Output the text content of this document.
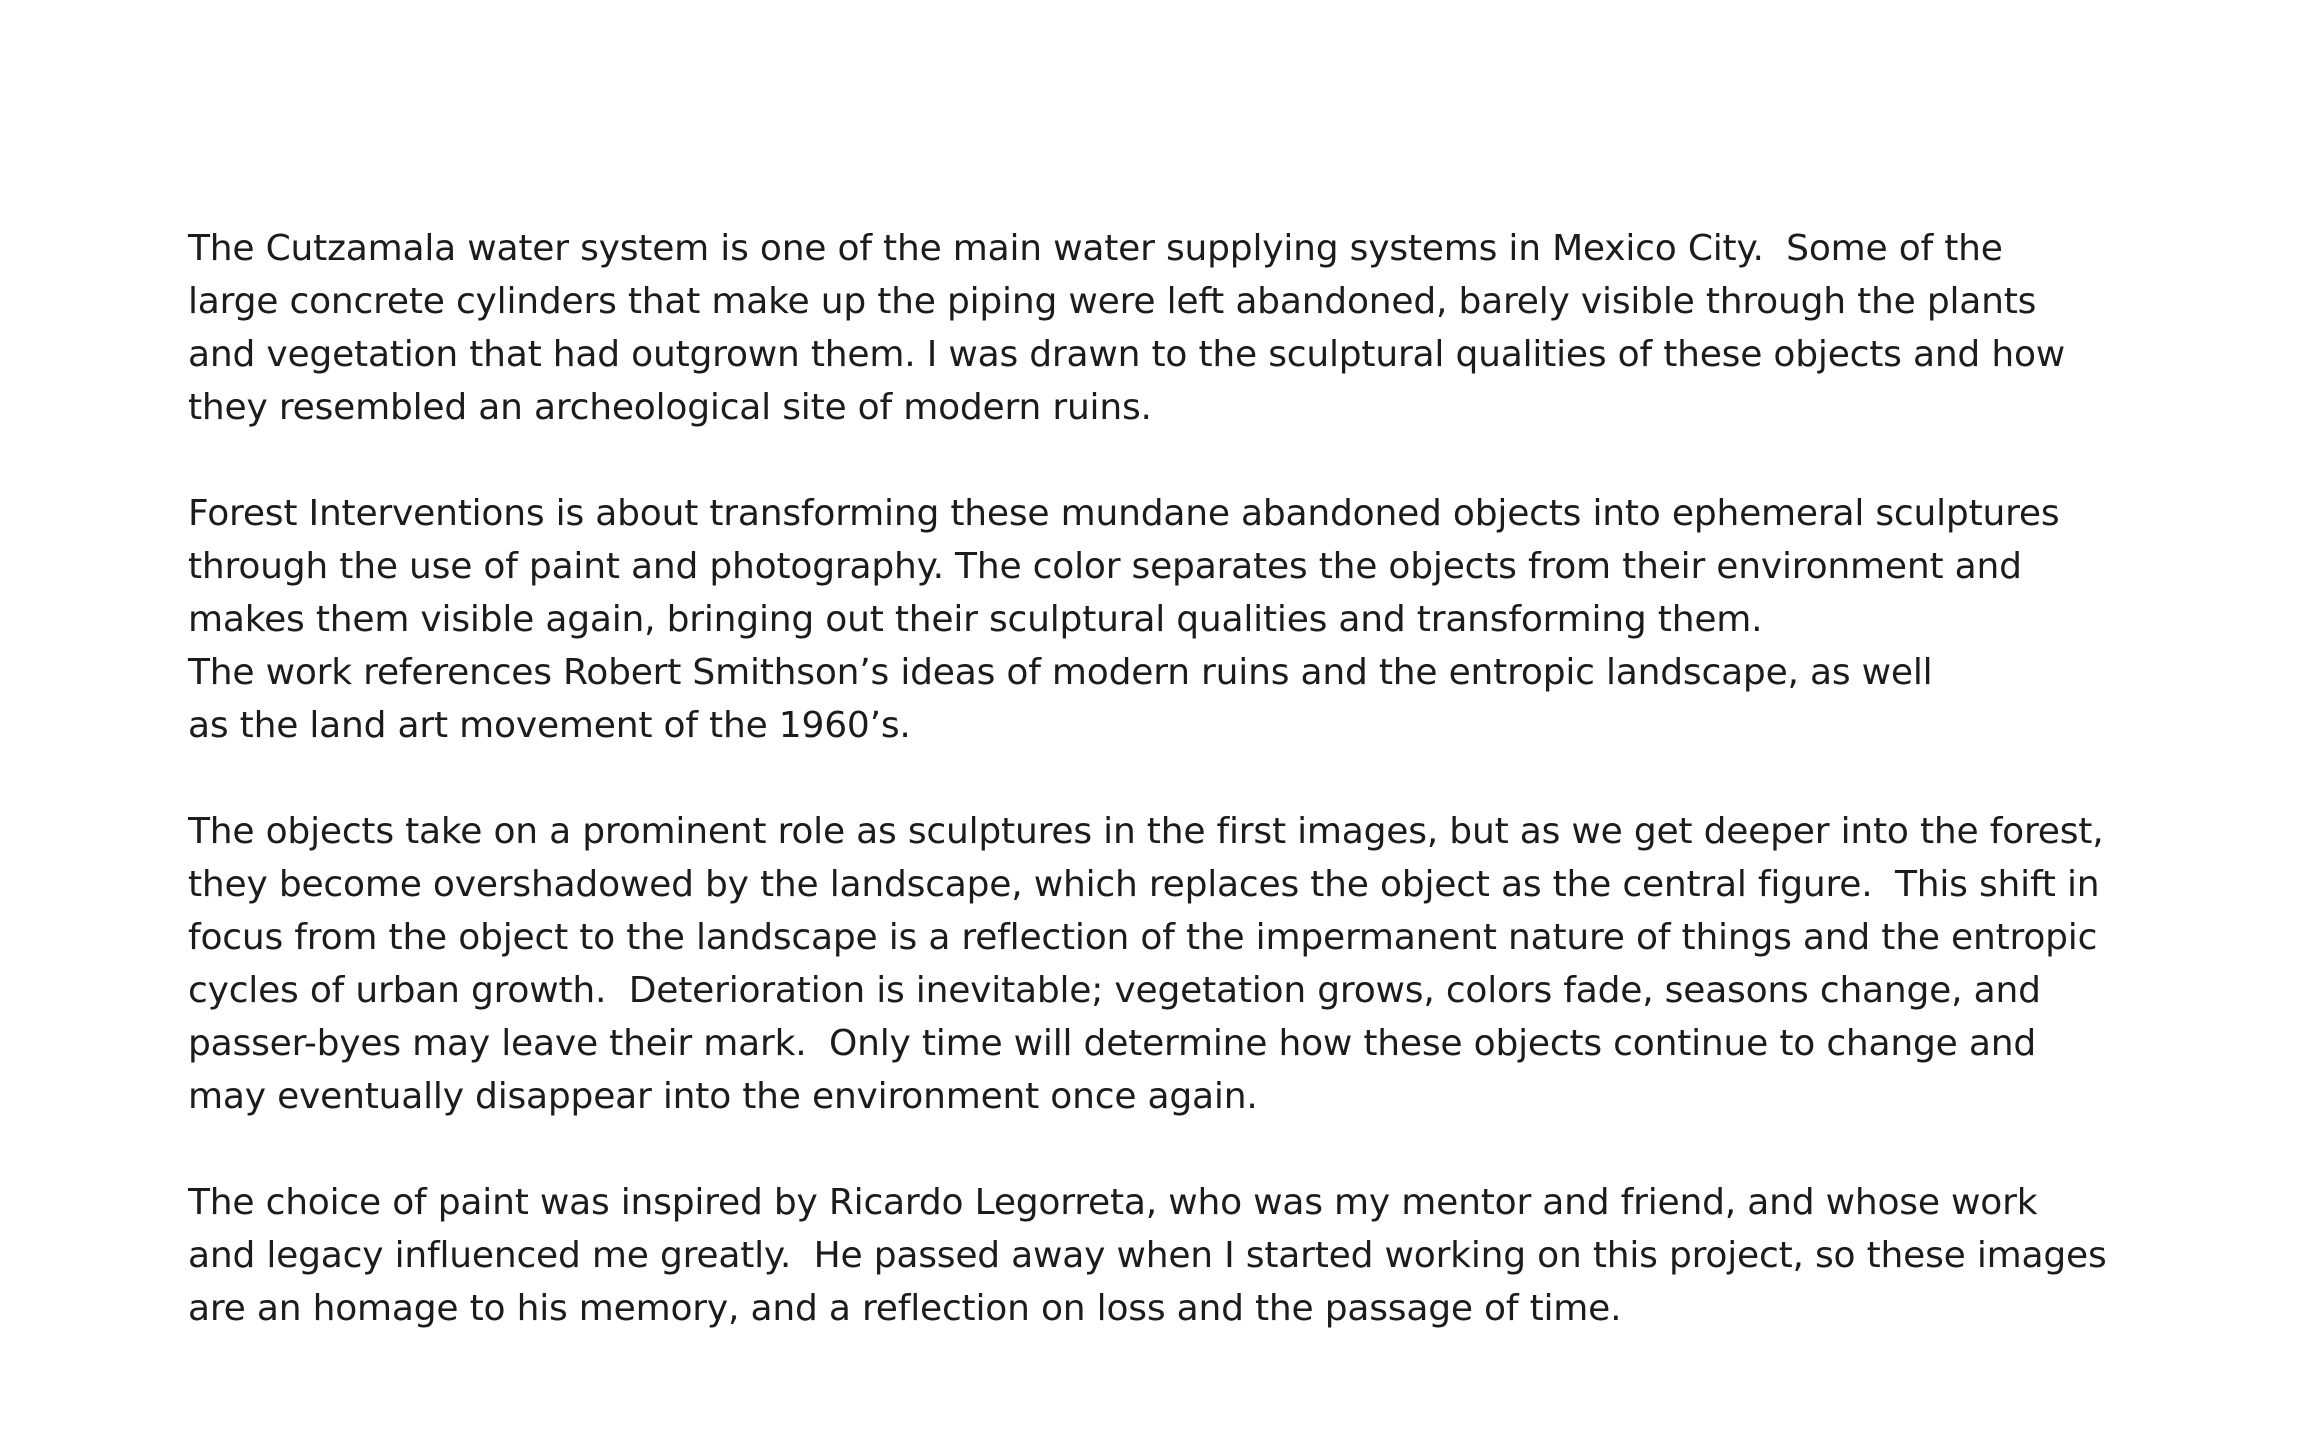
The Cutzamala water system is one of the main water supplying systems in Mexico City.  Some of the
large concrete cylinders that make up the piping were left abandoned, barely visible through the plants
and vegetation that had outgrown them. I was drawn to the sculptural qualities of these objects and how
they resembled an archeological site of modern ruins.

Forest Interventions is about transforming these mundane abandoned objects into ephemeral sculptures
through the use of paint and photography. The color separates the objects from their environment and
makes them visible again, bringing out their sculptural qualities and transforming them.
The work references Robert Smithson’s ideas of modern ruins and the entropic landscape, as well
as the land art movement of the 1960’s.

The objects take on a prominent role as sculptures in the first images, but as we get deeper into the forest,
they become overshadowed by the landscape, which replaces the object as the central figure.  This shift in
focus from the object to the landscape is a reflection of the impermanent nature of things and the entropic
cycles of urban growth.  Deterioration is inevitable; vegetation grows, colors fade, seasons change, and
passer-byes may leave their mark.  Only time will determine how these objects continue to change and
may eventually disappear into the environment once again.

The choice of paint was inspired by Ricardo Legorreta, who was my mentor and friend, and whose work
and legacy influenced me greatly.  He passed away when I started working on this project, so these images
are an homage to his memory, and a reflection on loss and the passage of time.
